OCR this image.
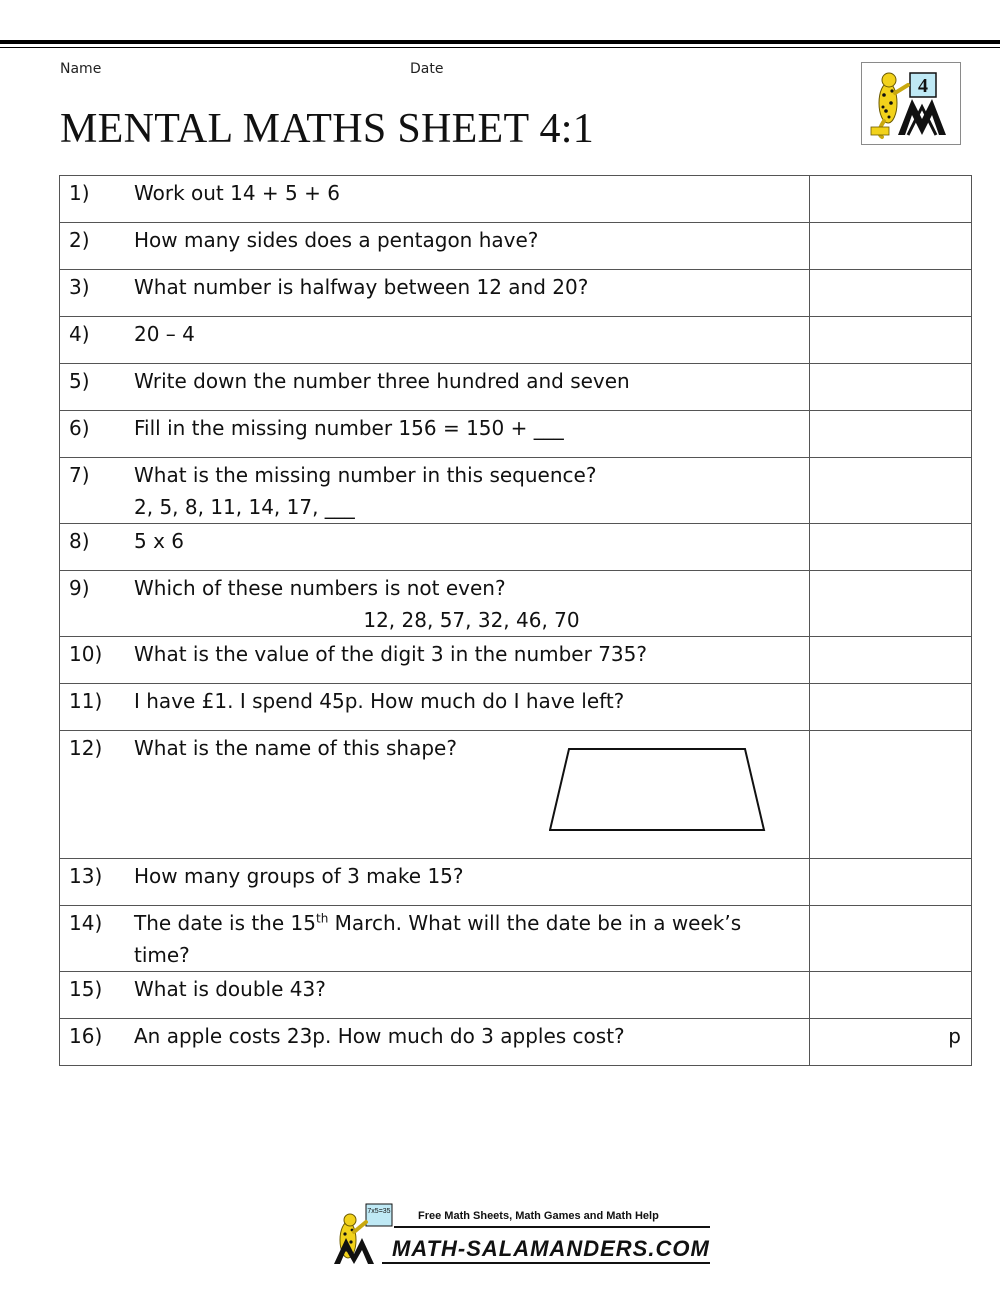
Name	Date
MENTAL MATHS SHEET 4:1
4
1)	Work out 14 + 5 + 6	
2)	How many sides does a pentagon have?	
3)	What number is halfway between 12 and 20?	
4)	20 – 4	
5)	Write down the number three hundred and seven	
6)	Fill in the missing number 156 = 150 + ___	
7)	What is the missing number in this sequence?
2, 5, 8, 11, 14, 17, ___	

8)	5 x 6	
9)	Which of these numbers is not even?
12, 28, 57, 32, 46, 70	

10)	What is the value of the digit 3 in the number 735?	
11)	I have £1. I spend 45p. How much do I have left?	
12)	What is the name of this shape?

13)	How many groups of 3 make 15?	
14)	The date is the 15th March. What will the date be in a week’s
time?	

15)	What is double 43?	
16)	An apple costs 23p. How much do 3 apples cost?	p
7x5=35 Free Math Sheets, Math Games and Math Help
MATH-SALAMANDERS.COM
